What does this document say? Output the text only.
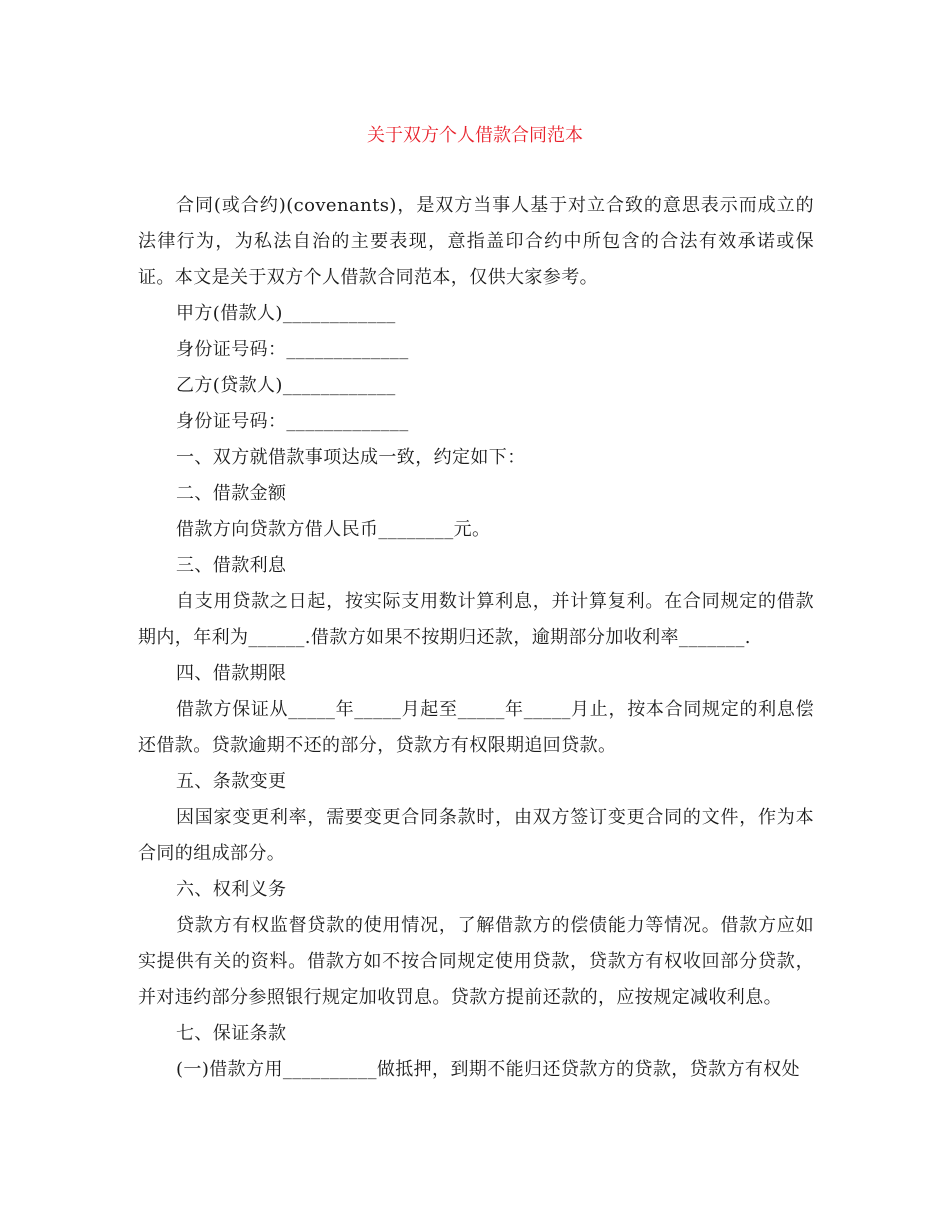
关于双方个人借款合同范本

合同(或合约)(covenants)，是双方当事人基于对立合致的意思表示而成立的法律行为，为私法自治的主要表现，意指盖印合约中所包含的合法有效承诺或保证。本文是关于双方个人借款合同范本，仅供大家参考。

甲方(借款人)____________

身份证号码：_____________

乙方(贷款人)____________

身份证号码：_____________

一、双方就借款事项达成一致，约定如下：

二、借款金额

借款方向贷款方借人民币________元。

三、借款利息

自支用贷款之日起，按实际支用数计算利息，并计算复利。在合同规定的借款期内，年利为______.借款方如果不按期归还款，逾期部分加收利率_______.

四、借款期限

借款方保证从_____年_____月起至_____年_____月止，按本合同规定的利息偿还借款。贷款逾期不还的部分，贷款方有权限期追回贷款。

五、条款变更

因国家变更利率，需要变更合同条款时，由双方签订变更合同的文件，作为本合同的组成部分。

六、权利义务

贷款方有权监督贷款的使用情况，了解借款方的偿债能力等情况。借款方应如实提供有关的资料。借款方如不按合同规定使用贷款，贷款方有权收回部分贷款，并对违约部分参照银行规定加收罚息。贷款方提前还款的，应按规定减收利息。

七、保证条款

(一)借款方用__________做抵押，到期不能归还贷款方的贷款，贷款方有权处
